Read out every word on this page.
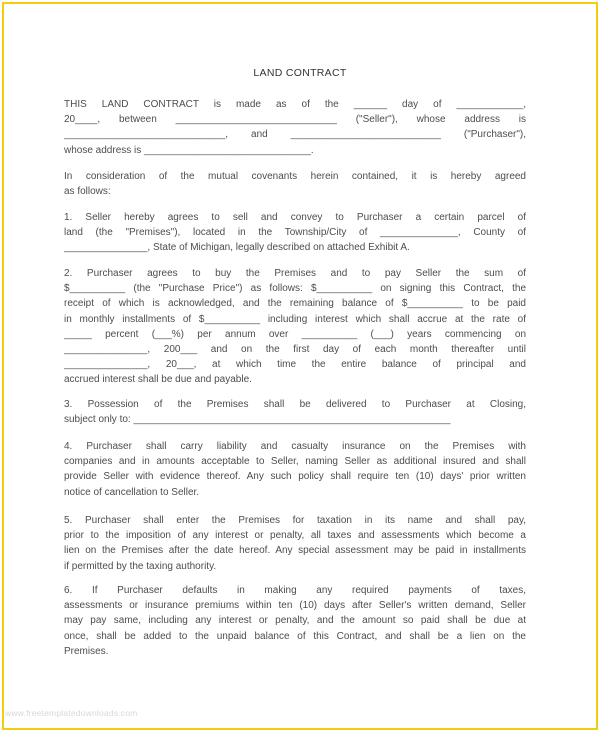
LAND CONTRACT
THIS LAND CONTRACT is made as of the ______ day of ____________,
20____, between _____________________________ ("Seller"), whose address is
_____________________________, and ___________________________ ("Purchaser"),
whose address is ______________________________.
In consideration of the mutual covenants herein contained, it is hereby agreed
as follows:
1. Seller hereby agrees to sell and convey to Purchaser a certain parcel of
land (the "Premises"), located in the Township/City of ______________, County of
_______________, State of Michigan, legally described on attached Exhibit A.
2. Purchaser agrees to buy the Premises and to pay Seller the sum of
$__________ (the "Purchase Price") as follows: $__________ on signing this Contract, the
receipt of which is acknowledged, and the remaining balance of $__________ to be paid
in monthly installments of $__________ including interest which shall accrue at the rate of
_____ percent (___%) per annum over __________ (___) years commencing on
_______________, 200___ and on the first day of each month thereafter until
_______________, 20___, at which time the entire balance of principal and
accrued interest shall be due and payable.
3. Possession of the Premises shall be delivered to Purchaser at Closing,
subject only to: _________________________________________________________
4. Purchaser shall carry liability and casualty insurance on the Premises with
companies and in amounts acceptable to Seller, naming Seller as additional insured and shall
provide Seller with evidence thereof. Any such policy shall require ten (10) days' prior written
notice of cancellation to Seller.
5. Purchaser shall enter the Premises for taxation in its name and shall pay,
prior to the imposition of any interest or penalty, all taxes and assessments which become a
lien on the Premises after the date hereof. Any special assessment may be paid in installments
if permitted by the taxing authority.
6. If Purchaser defaults in making any required payments of taxes,
assessments or insurance premiums within ten (10) days after Seller's written demand, Seller
may pay same, including any interest or penalty, and the amount so paid shall be due at
once, shall be added to the unpaid balance of this Contract, and shall be a lien on the
Premises.
www.freetemplatedownloads.com
